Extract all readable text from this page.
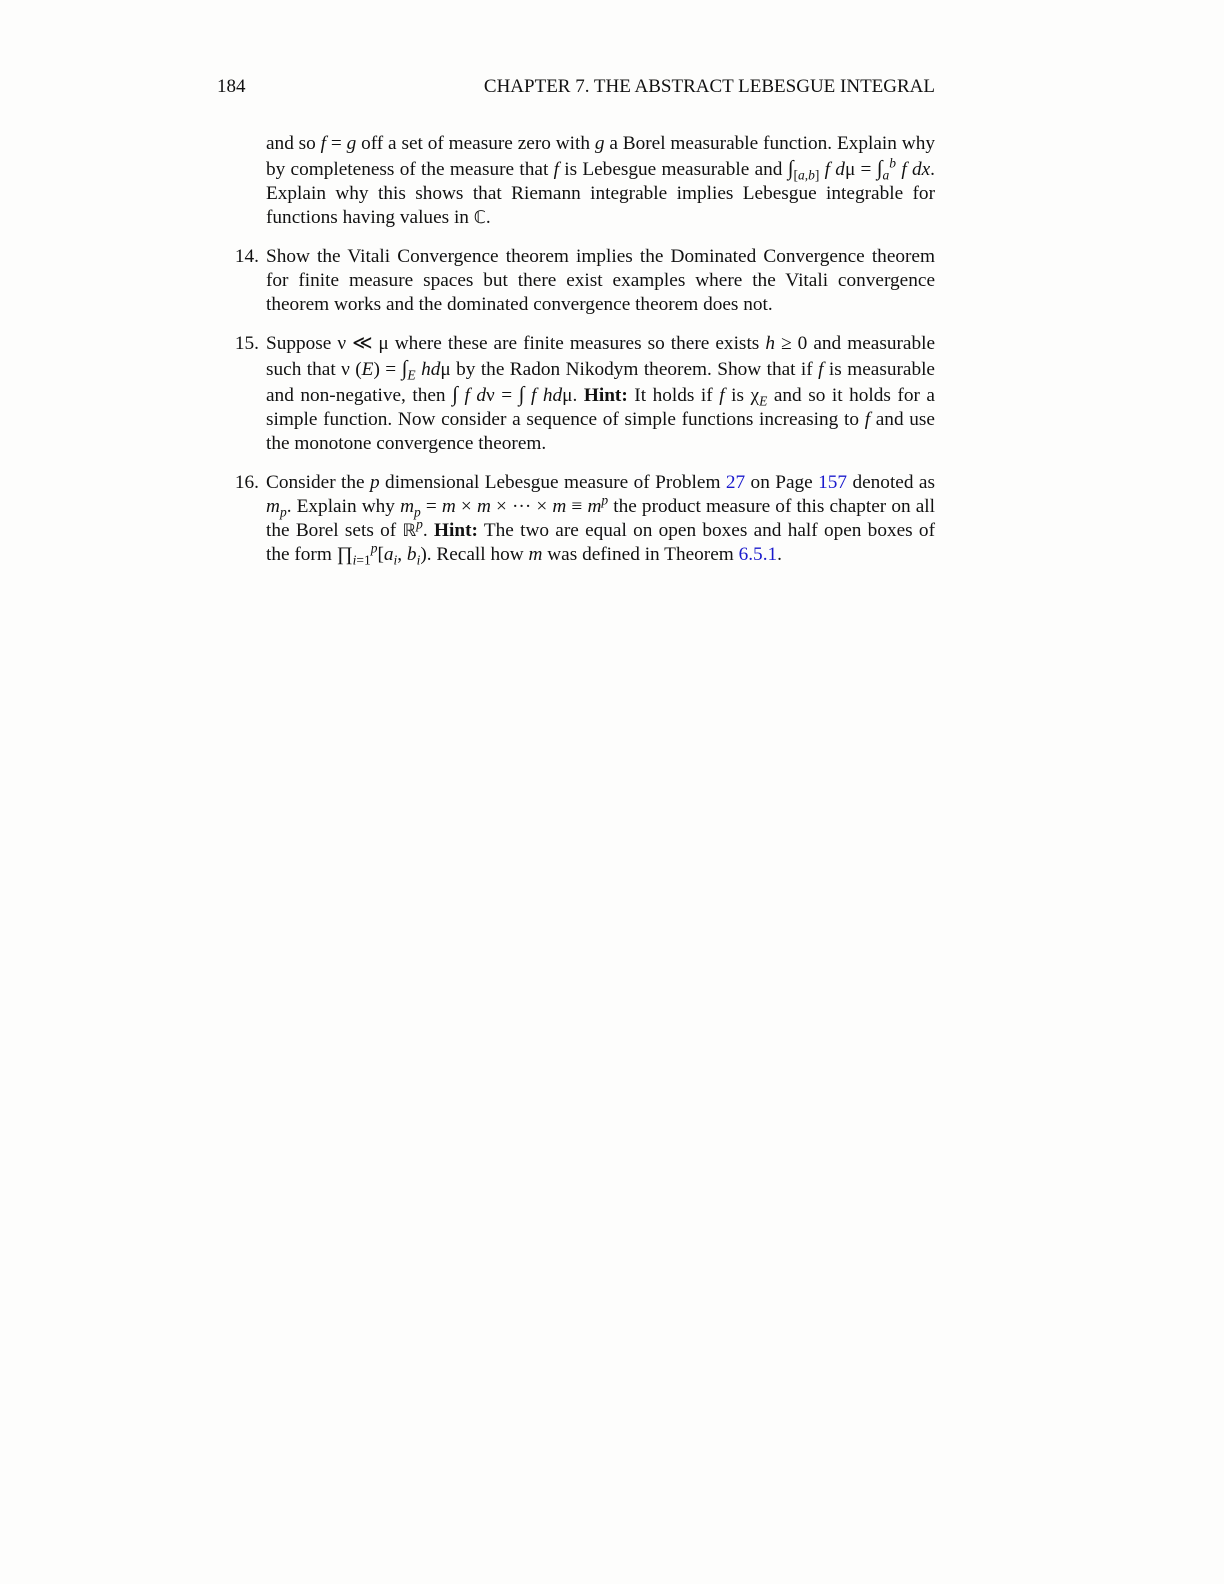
184	CHAPTER 7. THE ABSTRACT LEBESGUE INTEGRAL
and so f = g off a set of measure zero with g a Borel measurable function. Explain why by completeness of the measure that f is Lebesgue measurable and $\int_{[a,b]}$ f $d\mu = \int_a^b$ f dx. Explain why this shows that Riemann integrable implies Lebesgue integrable for functions having values in ℂ.
14 . Show the Vitali Convergence theorem implies the Dominated Convergence theorem for finite measure spaces but there exist examples where the Vitali convergence theorem works and the dominated convergence theorem does not.
15 . Suppose ν ≪ μ where these are finite measures so there exists h ≥ 0 and measurable such that ν $(E) = \int_E$ hdμ by the Radon Nikodym theorem. Show that if f is measurable and non-negative, then ∫ f dν = ∫ f hdμ. Hint: It holds if f is $\chi_E$ and so it holds for a simple function. Now consider a sequence of simple functions increasing to f and use the monotone convergence theorem.
16 . Consider the p dimensional Lebesgue measure of Problem 27 on Page 157 denoted as $m_p$. Explain why $m_p = m \times m$ × ··· × $m \equiv m^p$ the product measure of this chapter on all the Borel sets of ℝ$^p$. Hint: The two are equal on open boxes and half open boxes of the form $\prod_{i=1}^p[a_i$, $b_i$). Recall how m was defined in Theorem 6.5.1.
